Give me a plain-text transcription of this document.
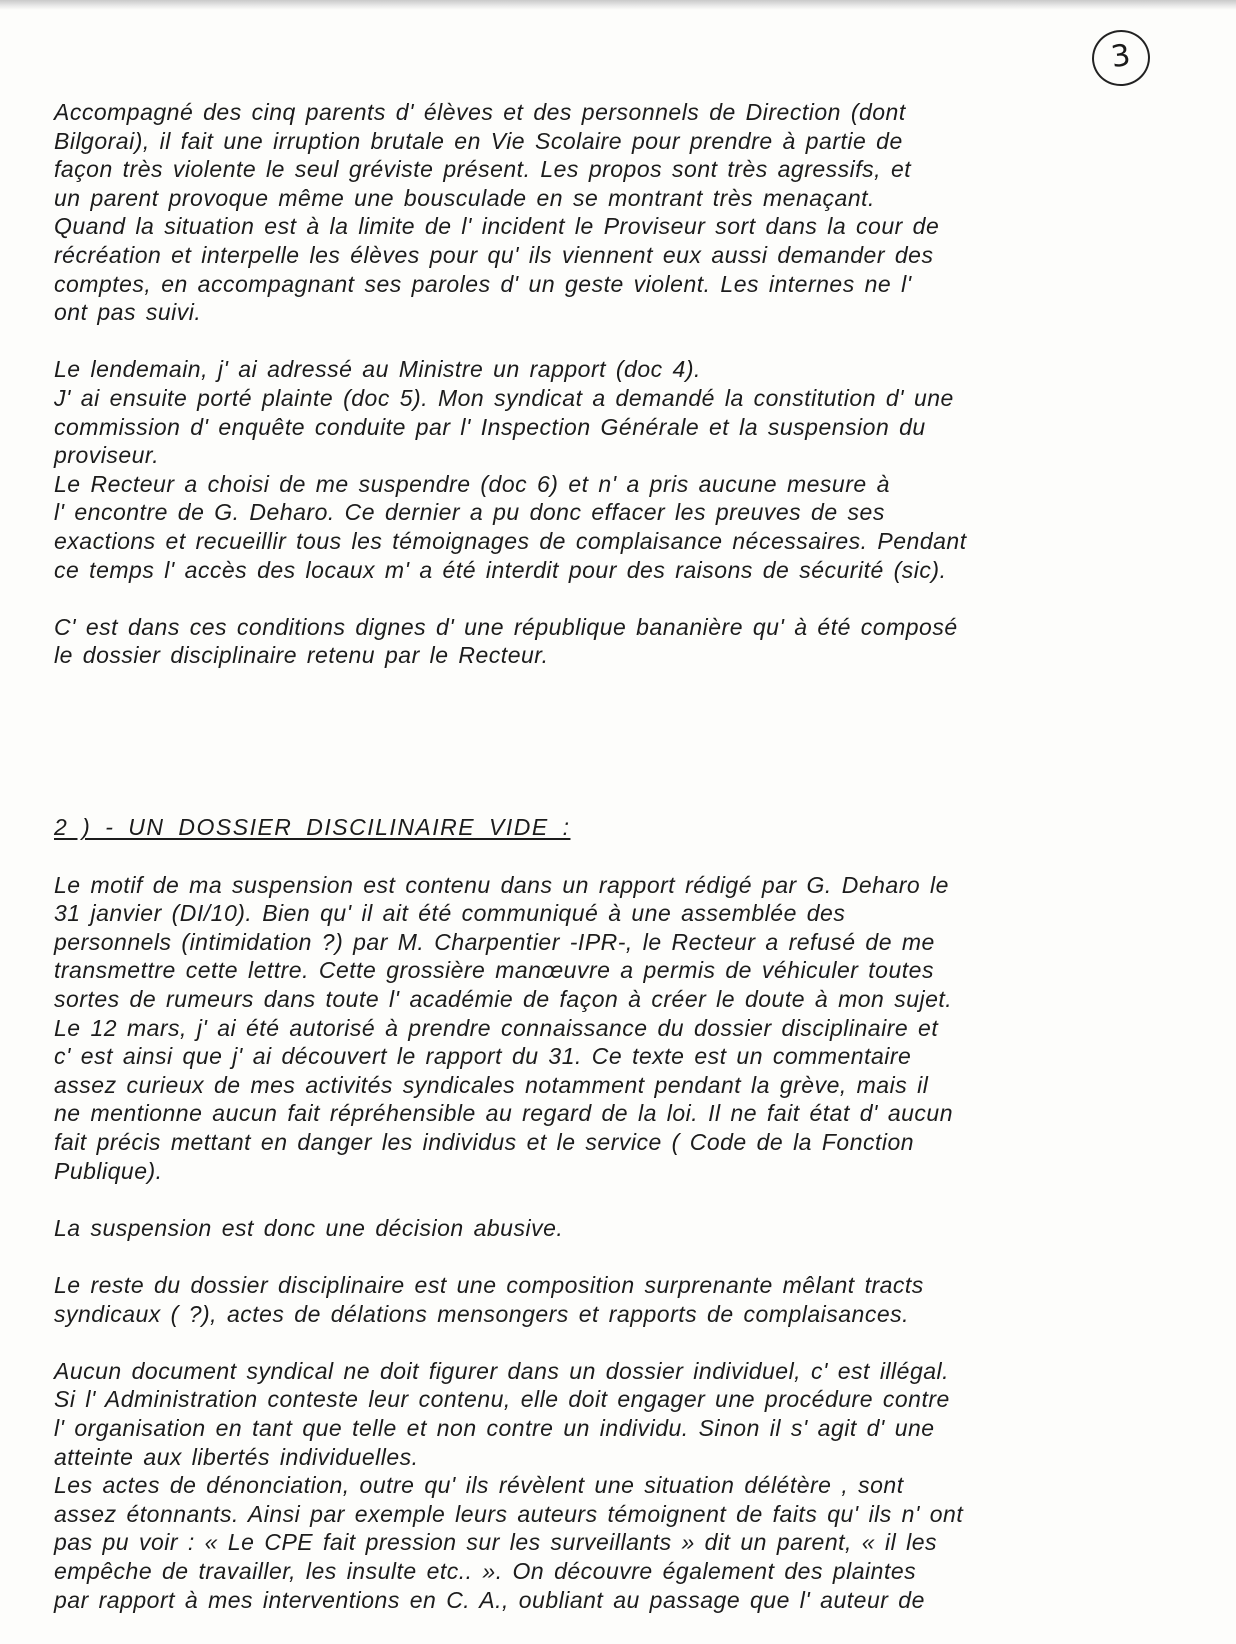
3

Accompagné des cinq parents d' élèves et des personnels de Direction (dont
Bilgorai), il fait une irruption brutale en Vie Scolaire pour prendre à partie de
façon très violente le seul gréviste présent. Les propos sont très agressifs, et
un parent provoque même une bousculade en se montrant très menaçant.
Quand la situation est à la limite de l' incident le Proviseur sort dans la cour de
récréation et interpelle les élèves pour qu' ils viennent eux aussi demander des
comptes, en accompagnant ses paroles d' un geste violent. Les internes ne l'
ont pas suivi.

Le lendemain, j' ai adressé au Ministre un rapport (doc 4).

J' ai ensuite porté plainte (doc 5). Mon syndicat a demandé la constitution d' une
commission d' enquête conduite par l' Inspection Générale et la suspension du
proviseur.

Le Recteur a choisi de me suspendre (doc 6) et n' a pris aucune mesure à
l' encontre de G. Deharo. Ce dernier a pu donc effacer les preuves de ses
exactions et recueillir tous les témoignages de complaisance nécessaires. Pendant
ce temps l' accès des locaux m' a été interdit pour des raisons de sécurité (sic).

C' est dans ces conditions dignes d' une république bananière qu' à été composé
le dossier disciplinaire retenu par le Recteur.

2 ) - UN DOSSIER DISCILINAIRE VIDE :

Le motif de ma suspension est contenu dans un rapport rédigé par G. Deharo le
31 janvier (DI/10). Bien qu' il ait été communiqué à une assemblée des
personnels (intimidation ?) par M. Charpentier -IPR-, le Recteur a refusé de me
transmettre cette lettre. Cette grossière manœuvre a permis de véhiculer toutes
sortes de rumeurs dans toute l' académie de façon à créer le doute à mon sujet.
Le 12 mars, j' ai été autorisé à prendre connaissance du dossier disciplinaire et
c' est ainsi que j' ai découvert le rapport du 31. Ce texte est un commentaire
assez curieux de mes activités syndicales notamment pendant la grève, mais il
ne mentionne aucun fait répréhensible au regard de la loi. Il ne fait état d' aucun
fait précis mettant en danger les individus et le service ( Code de la Fonction
Publique).

La suspension est donc une décision abusive.

Le reste du dossier disciplinaire est une composition surprenante mêlant tracts
syndicaux ( ?), actes de délations mensongers et rapports de complaisances.

Aucun document syndical ne doit figurer dans un dossier individuel, c' est illégal.
Si l' Administration conteste leur contenu, elle doit engager une procédure contre
l' organisation en tant que telle et non contre un individu. Sinon il s' agit d' une
atteinte aux libertés individuelles.

Les actes de dénonciation, outre qu' ils révèlent une situation délétère , sont
assez étonnants. Ainsi par exemple leurs auteurs témoignent de faits qu' ils n' ont
pas pu voir : « Le CPE fait pression sur les surveillants » dit un parent, « il les
empêche de travailler, les insulte etc.. ». On découvre également des plaintes
par rapport à mes interventions en C. A., oubliant au passage que l' auteur de
